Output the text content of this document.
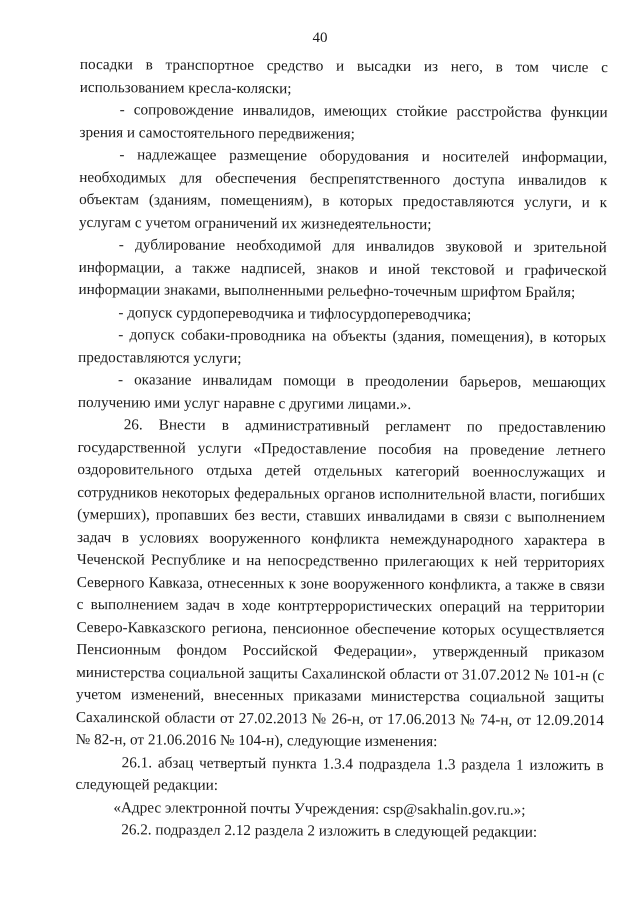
40

посадки в транспортное средство и высадки из него, в том числе с использованием кресла-коляски;

- сопровождение инвалидов, имеющих стойкие расстройства функции зрения и самостоятельного передвижения;

- надлежащее размещение оборудования и носителей информации, необходимых для обеспечения беспрепятственного доступа инвалидов к объектам (зданиям, помещениям), в которых предоставляются услуги, и к услугам с учетом ограничений их жизнедеятельности;

- дублирование необходимой для инвалидов звуковой и зрительной информации, а также надписей, знаков и иной текстовой и графической информации знаками, выполненными рельефно-точечным шрифтом Брайля;

- допуск сурдопереводчика и тифлосурдопереводчика;

- допуск собаки-проводника на объекты (здания, помещения), в которых предоставляются услуги;

- оказание инвалидам помощи в преодолении барьеров, мешающих получению ими услуг наравне с другими лицами.».

26. Внести в административный регламент по предоставлению государственной услуги «Предоставление пособия на проведение летнего оздоровительного отдыха детей отдельных категорий военнослужащих и сотрудников некоторых федеральных органов исполнительной власти, погибших (умерших), пропавших без вести, ставших инвалидами в связи с выполнением задач в условиях вооруженного конфликта немеждународного характера в Чеченской Республике и на непосредственно прилегающих к ней территориях Северного Кавказа, отнесенных к зоне вооруженного конфликта, а также в связи с выполнением задач в ходе контртеррористических операций на территории Северо-Кавказского региона, пенсионное обеспечение которых осуществляется Пенсионным фондом Российской Федерации», утвержденный приказом министерства социальной защиты Сахалинской области от 31.07.2012 № 101-н (с учетом изменений, внесенных приказами министерства социальной защиты Сахалинской области от 27.02.2013 № 26-н, от 17.06.2013 № 74-н, от 12.09.2014 № 82-н, от 21.06.2016 № 104-н), следующие изменения:

26.1. абзац четвертый пункта 1.3.4 подраздела 1.3 раздела 1 изложить в следующей редакции:

«Адрес электронной почты Учреждения: csp@sakhalin.gov.ru.»;

26.2. подраздел 2.12 раздела 2 изложить в следующей редакции:
